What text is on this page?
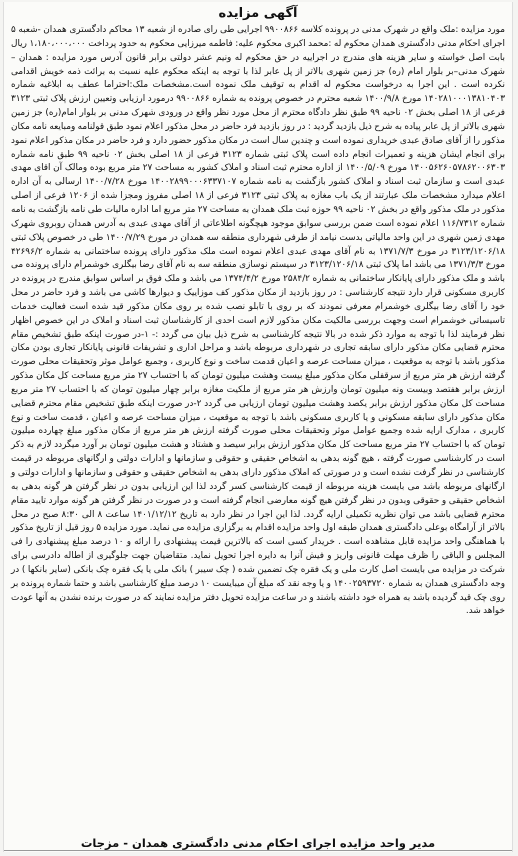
آگهی مزایده

مورد مزایده :ملک واقع در شهرک مدنی در پرونده کلاسه ۹۹۰۰۸۶۶ اجرایی طی رای صادره از شعبه ۱۳ محاکم دادگستری همدان -شعبه ۵ اجرای احکام مدنی دادگستری همدان محکوم له :محمد اکبری محکوم علیه: فاطمه میرزایی محکوم به حدود پرداخت ۱،۱۸۰،۰۰۰،۰۰۰ ریال بابت اصل خواسته و سایر هزینه های مندرج در اجراییه در حق محکوم له ونیم عشر دولتی برابر قانون آدرس مورد مزایده : همدان – شهرک مدنی–بر بلوار امام (ره) جز زمین شهری بالاتر از پل عابر لذا با توجه به اینکه محکوم علیه نسبت به برائت ذمه خویش اقدامی نکرده است . این اجرا به درخواست محکوم له اقدام به توقیف ملک نموده است.مشخصات ملک:احتراما عطف به ابلاغیه شماره ۱۴۰۲۸۱۰۰۰۱۳۸۱۰۴۰۳ مورخ ۱۴۰۰/۹/۸ شعبه محترم در خصوص پرونده به شماره ۹۹۰۰۸۶۶ درمورد ارزیابی وتعیین ارزش پلاک ثبتی ۳۱۲۳ فرعی از ۱۸ اصلی بخش ۰۲ ناحیه ۹۹ طبق نظر دادگاه محترم از محل مورد نظر واقع در ورودی شهرک مدنی بر بلوار امام(ره) جز زمین شهری بالاتر از پل عابر پیاده به شرح ذیل بازدید گردید : در روز بازدید فرد حاضر در محل مذکور اعلام نمود طبق قولنامه ومبایعه نامه مکان مذکور را از آقای صادق عبدی خریداری نموده است و چندین سال است در مکان مذکور حضور دارد و فرد حاضر در مکان مذکور اعلام نمود برای انجام ایشان هزینه و تعمیرات انجام داده است پلاک ثبتی شماره ۳۱۲۳ فرعی از ۱۸ اصلی بخش ۰۲ ناحیه ۹۹ طبق نامه شماره ۱۴۰۰۵۶۲۶۰۵۷۸۶۲۰۰۶۳۰۳ مورخ ۱۴۰۰/۵/۰۹ از اداره محترم ثبت اسناد و املاک کشور به مساحت ۲۷ متر مربع بوده ومالک آن اقای مهدی عبدی است و سازمان ثبت اسناد و املاک کشور بازگشت به نامه شماره ۱۴۰۰۲۸۹۹۰۰۰۶۳۳۷۱۰۷ مورخ ۱۴۰۰/۷/۲۸ ارسالی به آن اداره اعلام میدارد مشخصات ملک عبارتند از یک باب مغازه به پلاک ثبتی ۳۱۲۳ فرعی از ۱۸ اصلی مفروز ومجزا شده از ۱۲۰۶ فرعی از اصلی مذکور در ملک مذکور واقع در بخش ۰۲ ناحیه ۹۹ حوزه ثبت ملک همدان به مساحت ۲۷ متر مربع اما اداره مالیات طی نامه بازگشت به نامه شماره ۱۱۶/۷۳۱۲ اعلام نموده است ضمن بررسی سوابق موجود هیچگونه اطلاعاتی از آقای مهدی عبدی به آدرس همدان روبروی شهرک مهدی زمین شهری در این واحد مالیاتی بدست نیامد از طرفی شهرداری منطقه سه همدان در مورخ ۱۴۰۰/۷/۲۹ طی در خصوص پلاک ثبتی ۳۱۲۳/۱۲۰۶/۱۸ در مورخ ۱۳۷۱/۷/۳ به نام آقای مهدی عبدی اعلام نموده است ملک مذکور دارای پرونده ساختمانی به شماره ۴۲۶۹۶/۲ مورخ ۱۳۷۱/۳/۳ می باشد اما پلاک ثبتی ۳۱۲۳/۱۲۰۶/۱۸ در سیستم نوسازی منطقه سه به نام آقای رضا بیگلری خوشمرام دارای پرونده می باشد و ملک مذکور دارای پایانکار ساختمانی به شماره ۲۵۸۴/۲ مورخ ۱۳۷۴/۴/۲ می باشد و ملک فوق بر اساس سوابق مندرج در پرونده در کاربری مسکونی قرار دارد نتیجه کارشناسی : در روز بازدید از مکان مذکور کف موزاییک و دیوارها کاشی می باشد و فرد حاضر در محل خود را آقای رضا بیگلری خوشمرام معرفی نمودند که بر روی با تابلو نصب شده بر روی مکان مذکور قید شده است فعالیت خدمات تاسیساتی خوشمرام است وجهت بررسی مالکیت مکان مذکور لازم است احدی از کارشناسان ثبت اسناد و املاک در این خصوص اظهار نظر فرمایند لذا با توجه به موارد ذکر شده در بالا نتیجه کارشناسی به شرح ذیل بیان می گردد :- ۱-در صورت اینکه طبق تشخیص مقام محترم قضایی مکان مذکور دارای سابقه تجاری در شهرداری مربوطه باشد و مراحل اداری و تشریفات قانونی پایانکار تجاری بودن مکان مذکور باشد با توجه به موقعیت ، میزان مساحت عرصه و اعیان قدمت ساخت و نوع کاربری ، وجمیع عوامل موثر وتحقیقات محلی صورت گرفته ارزش هر متر مربع از سرقفلی مکان مذکور مبلغ بیست وهشت میلیون تومان که با احتساب ۲۷ متر مربع مساحت کل مکان مذکور ارزش برابر هفتصد وبیست ونه میلیون تومان وارزش هر متر مربع از ملکیت مغازه برابر چهار میلیون تومان که با احتساب ۲۷ متر مربع مساحت کل مکان مذکور ارزش برابر یکصد وهشت میلیون تومان ارزیابی می گردد ۲-در صورت اینکه طبق تشخیص مقام محترم قضایی مکان مذکور دارای سابقه مسکونی و یا کاربری مسکونی باشد با توجه به موقعیت ، میزان مساحت عرصه و اعیان ، قدمت ساخت و نوع کاربری ، مدارک ارایه شده وجمیع عوامل موثر وتحقیقات محلی صورت گرفته ارزش هر متر مربع از مکان مذکور مبلغ چهارده میلیون تومان که با احتساب ۲۷ متر مربع مساحت کل مکان مذکور ارزش برابر سیصد و هشتاد و هشت میلیون تومان بر آورد میگردد لازم به ذکر است در کارشناسی صورت گرفته ، هیچ گونه بدهی به اشخاص حقیقی و حقوقی و سازمانها و ادارات دولتی و ارگانهای مربوطه در قیمت کارشناسی در نظر گرفت نشده است و در صورتی که املاک مذکور دارای بدهی به اشخاص حقیقی و حقوقی و سازمانها و ادارات دولتی و ارگانهای مربوطه باشد می بایست هزینه مربوطه از قیمت کارشناسی کسر گردد لذا این ارزیابی بدون در نظر گرفتن هر گونه بدهی به اشخاص حقیقی و حقوقی وبدون در نظر گرفتن هیچ گونه معارضی انجام گرفته است و در صورت در نظر گرفتن هر گونه موارد تایید مقام محترم قضایی باشد می توان نظریه تکمیلی ارایه گردد. لذا این اجرا در نظر دارد به تاریخ ۱۴۰۱/۱۲/۱۲ ساعت ۸ الی ۸:۳۰ صبح در محل بالاتر از آرامگاه بوعلی دادگستری همدان طبقه اول واحد مزایده اقدام به برگزاری مزایده می نماید. مورد مزایده ۵ روز قبل از تاریخ مذکور با هماهنگی واحد مزایده قابل مشاهده است . خریدار کسی است که بالاترین قیمت پیشنهادی را ارائه و ۱۰ درصد مبلغ پیشنهادی را فی المجلس و الباقی را ظرف مهلت قانونی واریز و فیش آنرا به دایره اجرا تحویل نماید. متقاضیان جهت جلوگیری از اطاله دادرسی برای شرکت در مزایده می بایست اصل کارت ملی و یک فقره چک تضمین شده ( چک سیبر ) بانک ملی یا یک فقره چک بانکی (سایر بانکها ) در وجه دادگستری همدان به شماره ۱۴۰۰۲۵۹۳۷۲۰ و یا وجه نقد که مبلغ آن میبایست ۱۰ درصد مبلغ کارشناسی باشد و حتما شماره پرونده بر روی چک قید گردیده باشد به همراه خود داشته باشند و در ساعت مزایده تحویل دفتر مزایده نمایند که در صورت برنده نشدن به آنها عودت خواهد شد.

مدیر واحد مزایده اجرای احکام مدنی دادگستری همدان - مزجات
